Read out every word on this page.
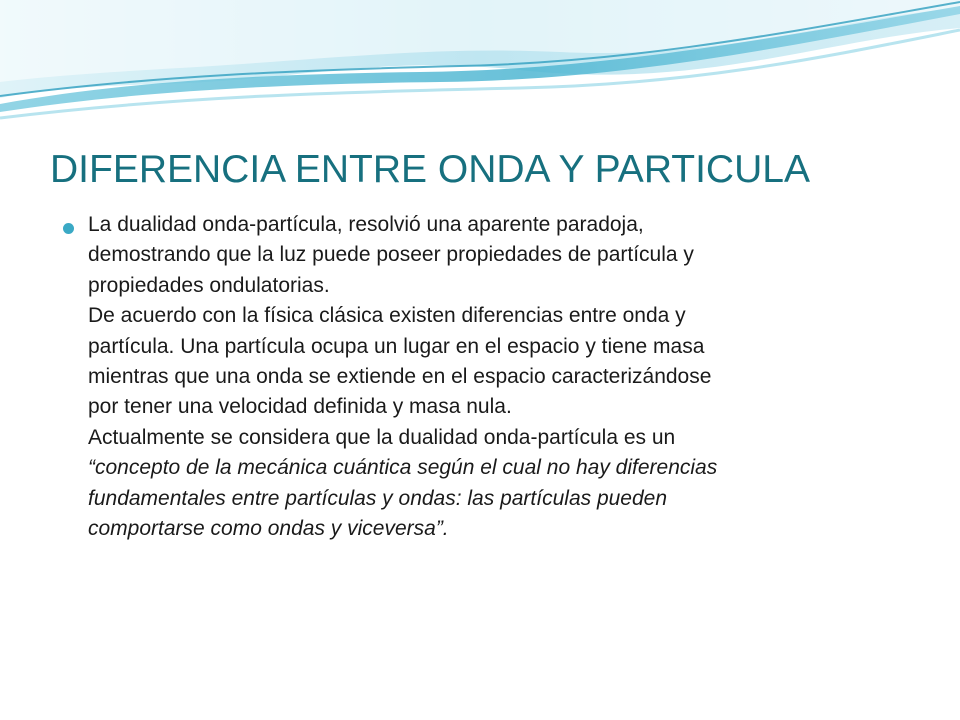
DIFERENCIA ENTRE ONDA Y PARTICULA
La dualidad onda-partícula, resolvió una aparente paradoja,
demostrando que la luz puede poseer propiedades de partícula y
propiedades ondulatorias.
De acuerdo con la física clásica existen diferencias entre onda y
partícula. Una partícula ocupa un lugar en el espacio y tiene masa
mientras que una onda se extiende en el espacio caracterizándose
por tener una velocidad definida y masa nula.
Actualmente se considera que la dualidad onda-partícula es un
“concepto de la mecánica cuántica según el cual no hay diferencias
fundamentales entre partículas y ondas: las partículas pueden
comportarse como ondas y viceversa”.
